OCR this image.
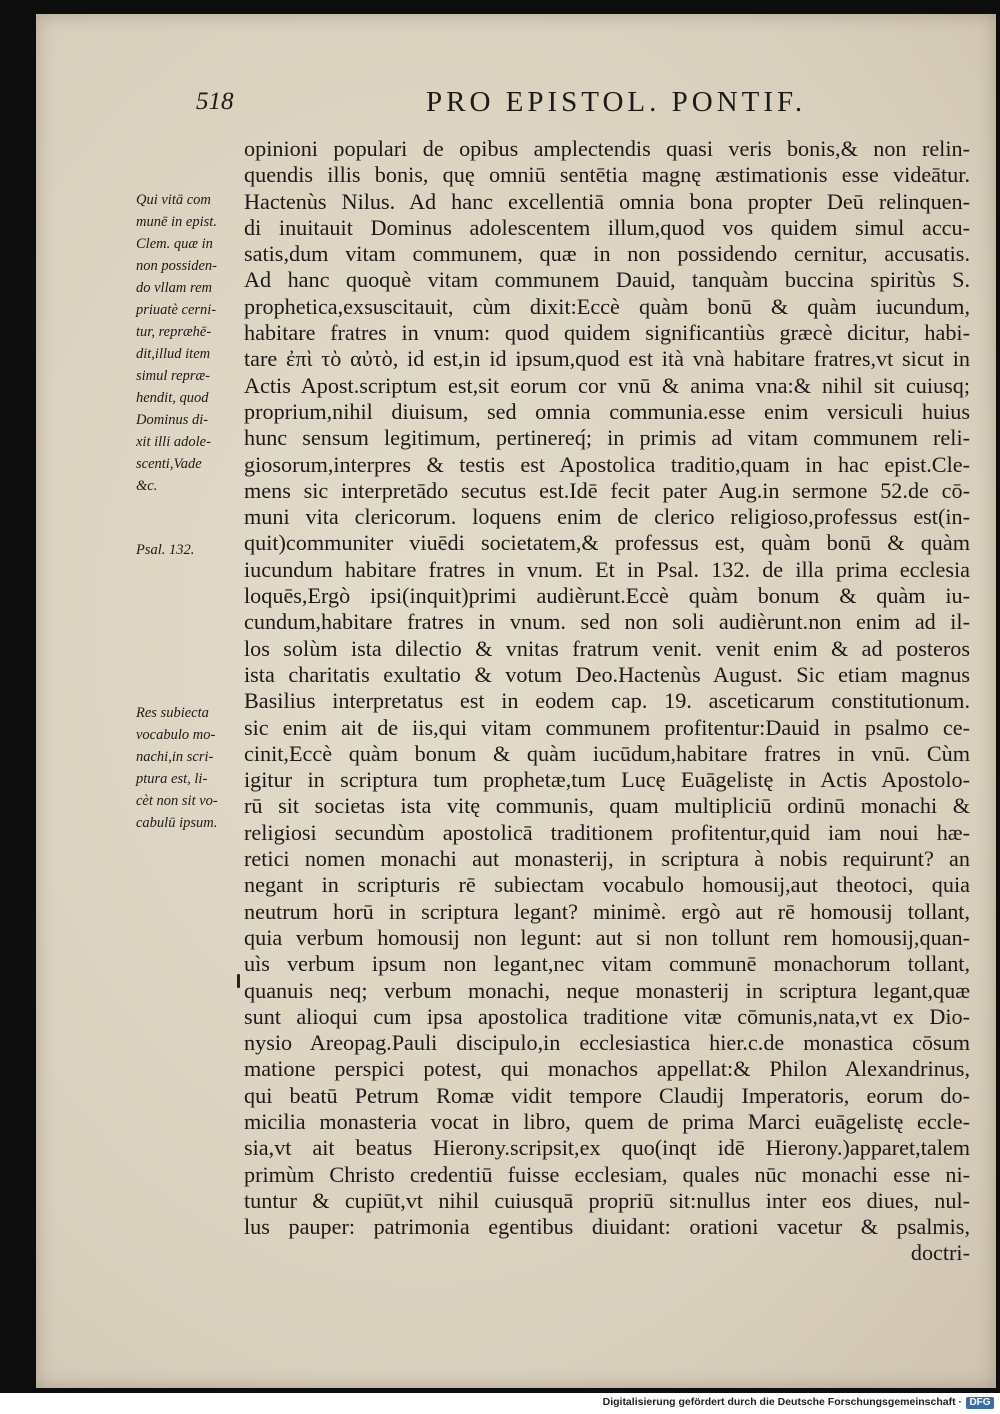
518	PRO EPISTOL. PONTIF.
Qui vitā com
munē in epist.
Clem. quæ in
non possiden-
do vllam rem
priuatè cerni-
tur, repræhē-
dit,illud item
simul repræ-
hendit, quod
Dominus di-
xit illi adole-
scenti,Vade
&c.
Psal. 132.
Res subiecta
vocabulo mo-
nachi,in scri-
ptura est, li-
cèt non sit vo-
cabulū ipsum.
opinioni populari de opibus amplectendis quasi veris bonis,& non relin-
quendis illis bonis, quę omniū sentētia magnę æstimationis esse videātur.
Hactenùs Nilus. Ad hanc excellentiā omnia bona propter Deū relinquen-
di inuitauit Dominus adolescentem illum,quod vos quidem simul accu-
satis,dum vitam communem, quæ in non possidendo cernitur, accusatis.
Ad hanc quoquè vitam communem Dauid, tanquàm buccina spiritùs S.
prophetica,exsuscitauit, cùm dixit:Eccè quàm bonū & quàm iucundum,
habitare fratres in vnum: quod quidem significantiùs græcè dicitur, habi-
tare ἐπὶ τὸ αὐτὸ, id est,in id ipsum,quod est ità vnà habitare fratres,vt sicut in
Actis Apost.scriptum est,sit eorum cor vnū & anima vna:& nihil sit cuiusq;
proprium,nihil diuisum, sed omnia communia.esse enim versiculi huius
hunc sensum legitimum, pertinereq́; in primis ad vitam communem reli-
giosorum,interpres & testis est Apostolica traditio,quam in hac epist.Cle-
mens sic interpretādo secutus est.Idē fecit pater Aug.in sermone 52.de cō-
muni vita clericorum. loquens enim de clerico religioso,professus est(in-
quit)communiter viuēdi societatem,& professus est, quàm bonū & quàm
iucundum habitare fratres in vnum. Et in Psal. 132. de illa prima ecclesia
loquēs,Ergò ipsi(inquit)primi audièrunt.Eccè quàm bonum & quàm iu-
cundum,habitare fratres in vnum. sed non soli audièrunt.non enim ad il-
los solùm ista dilectio & vnitas fratrum venit. venit enim & ad posteros
ista charitatis exultatio & votum Deo.Hactenùs August. Sic etiam magnus
Basilius interpretatus est in eodem cap. 19. asceticarum constitutionum.
sic enim ait de iis,qui vitam communem profitentur:Dauid in psalmo ce-
cinit,Eccè quàm bonum & quàm iucūdum,habitare fratres in vnū. Cùm
igitur in scriptura tum prophetæ,tum Lucę Euāgelistę in Actis Apostolo-
rū sit societas ista vitę communis, quam multipliciū ordinū monachi &
religiosi secundùm apostolicā traditionem profitentur,quid iam noui hæ-
retici nomen monachi aut monasterij, in scriptura à nobis requirunt? an
negant in scripturis rē subiectam vocabulo homousij,aut theotoci, quia
neutrum horū in scriptura legant? minimè. ergò aut rē homousij tollant,
quia verbum homousij non legunt: aut si non tollunt rem homousij,quan-
uìs verbum ipsum non legant,nec vitam communē monachorum tollant,
quanuis neq; verbum monachi, neque monasterij in scriptura legant,quæ
sunt alioqui cum ipsa apostolica traditione vitæ cōmunis,nata,vt ex Dio-
nysio Areopag.Pauli discipulo,in ecclesiastica hier.c.de monastica cōsum
matione perspici potest, qui monachos appellat:& Philon Alexandrinus,
qui beatū Petrum Romæ vidit tempore Claudij Imperatoris, eorum do-
micilia monasteria vocat in libro, quem de prima Marci euāgelistę eccle-
sia,vt ait beatus Hierony.scripsit,ex quo(inqt idē Hierony.)apparet,talem
primùm Christo credentiū fuisse ecclesiam, quales nūc monachi esse ni-
tuntur & cupiūt,vt nihil cuiusquā propriū sit:nullus inter eos diues, nul-
lus pauper: patrimonia egentibus diuidant: orationi vacetur & psalmis,
doctri-
Digitalisierung gefördert durch die Deutsche Forschungsgemeinschaft · DFG
